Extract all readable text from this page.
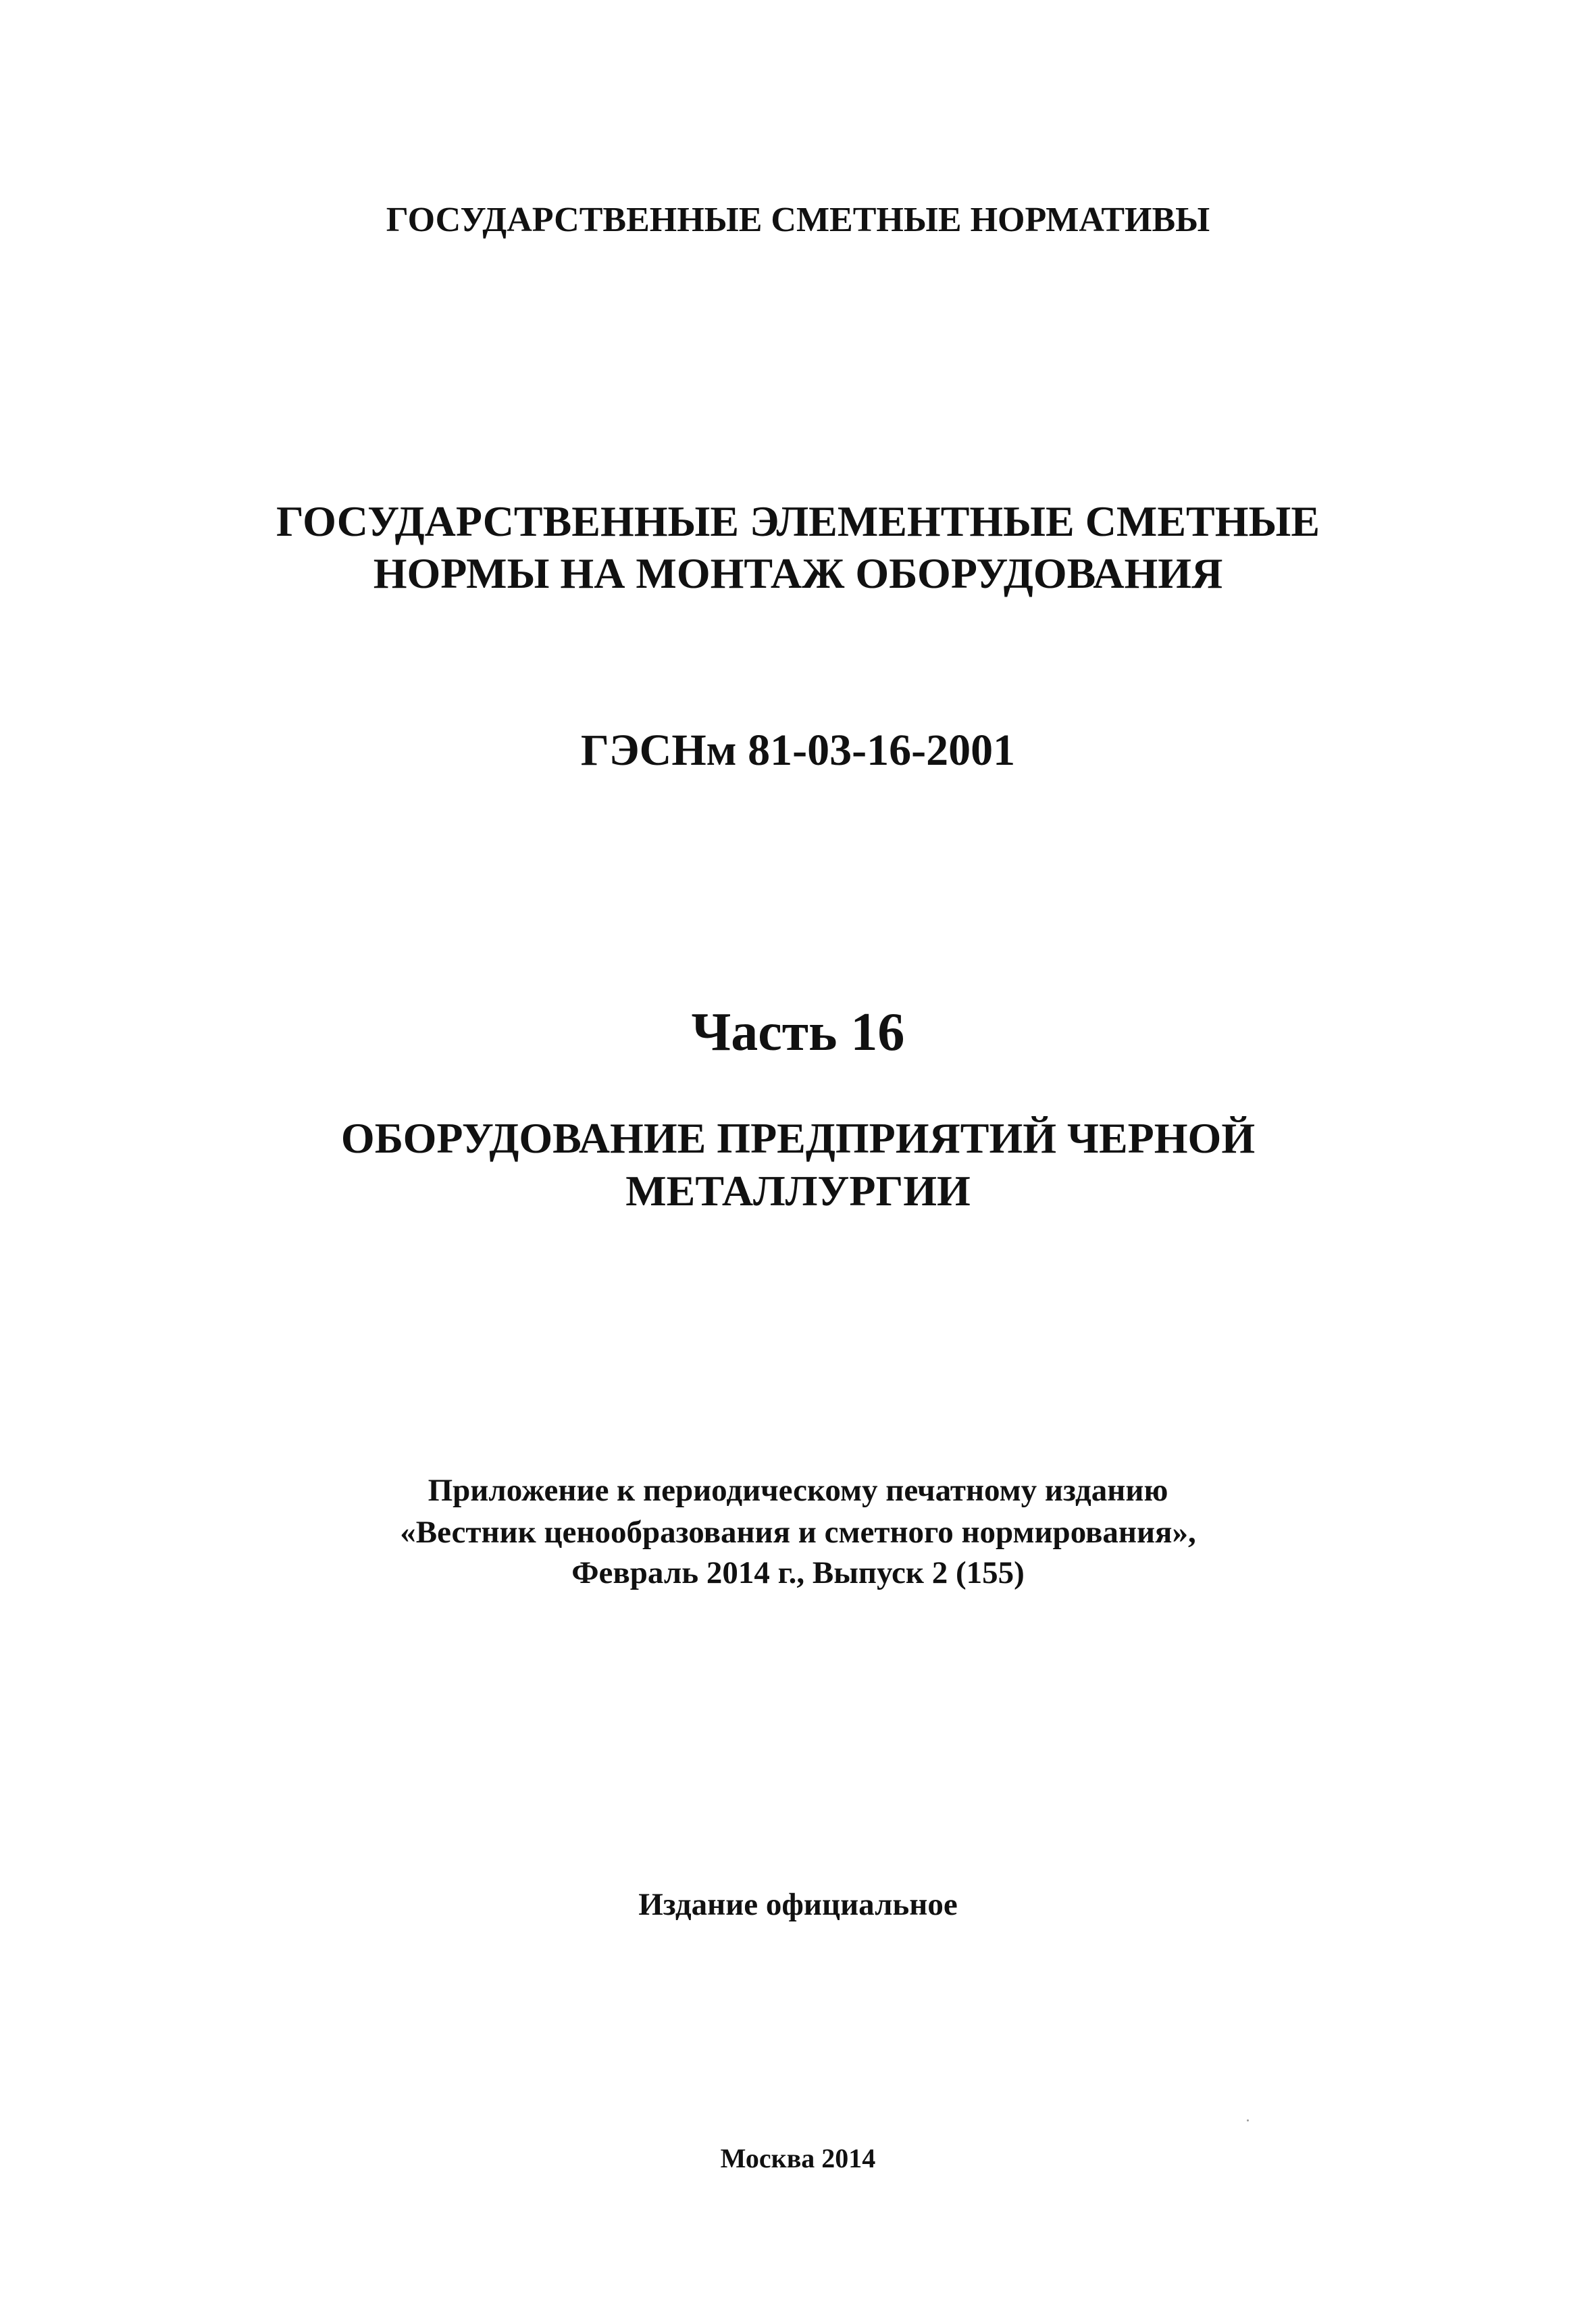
ГОСУДАРСТВЕННЫЕ СМЕТНЫЕ НОРМАТИВЫ
ГОСУДАРСТВЕННЫЕ ЭЛЕМЕНТНЫЕ СМЕТНЫЕ
НОРМЫ НА МОНТАЖ ОБОРУДОВАНИЯ
ГЭСНм 81-03-16-2001
Часть 16
ОБОРУДОВАНИЕ ПРЕДПРИЯТИЙ ЧЕРНОЙ
МЕТАЛЛУРГИИ
Приложение к периодическому печатному изданию
«Вестник ценообразования и сметного нормирования»,
Февраль 2014 г., Выпуск 2 (155)
Издание официальное
Москва 2014
